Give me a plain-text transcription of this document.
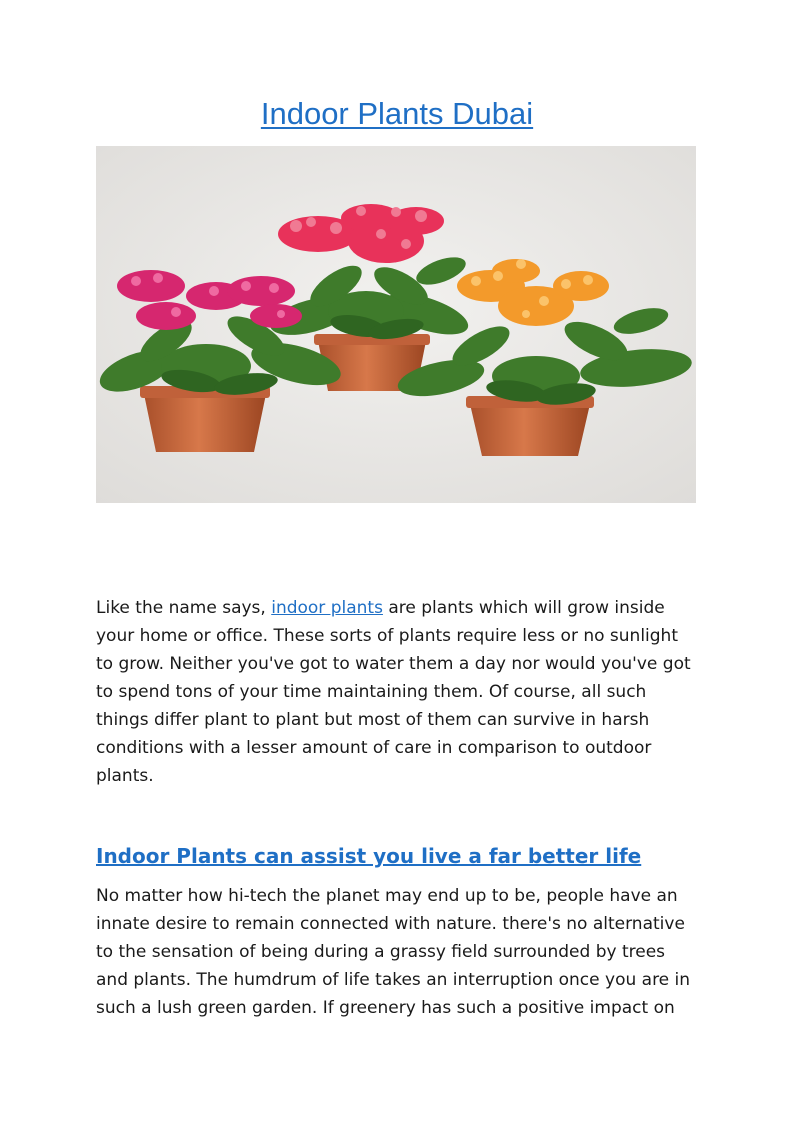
Indoor Plants Dubai

Like the name says, indoor plants are plants which will grow inside your home or office. These sorts of plants require less or no sunlight to grow. Neither you've got to water them a day nor would you've got to spend tons of your time maintaining them. Of course, all such things differ plant to plant but most of them can survive in harsh conditions with a lesser amount of care in comparison to outdoor plants.

Indoor Plants can assist you live a far better life

No matter how hi-tech the planet may end up to be, people have an innate desire to remain connected with nature. there's no alternative to the sensation of being during a grassy field surrounded by trees and plants. The humdrum of life takes an interruption once you are in such a lush green garden. If greenery has such a positive impact on
